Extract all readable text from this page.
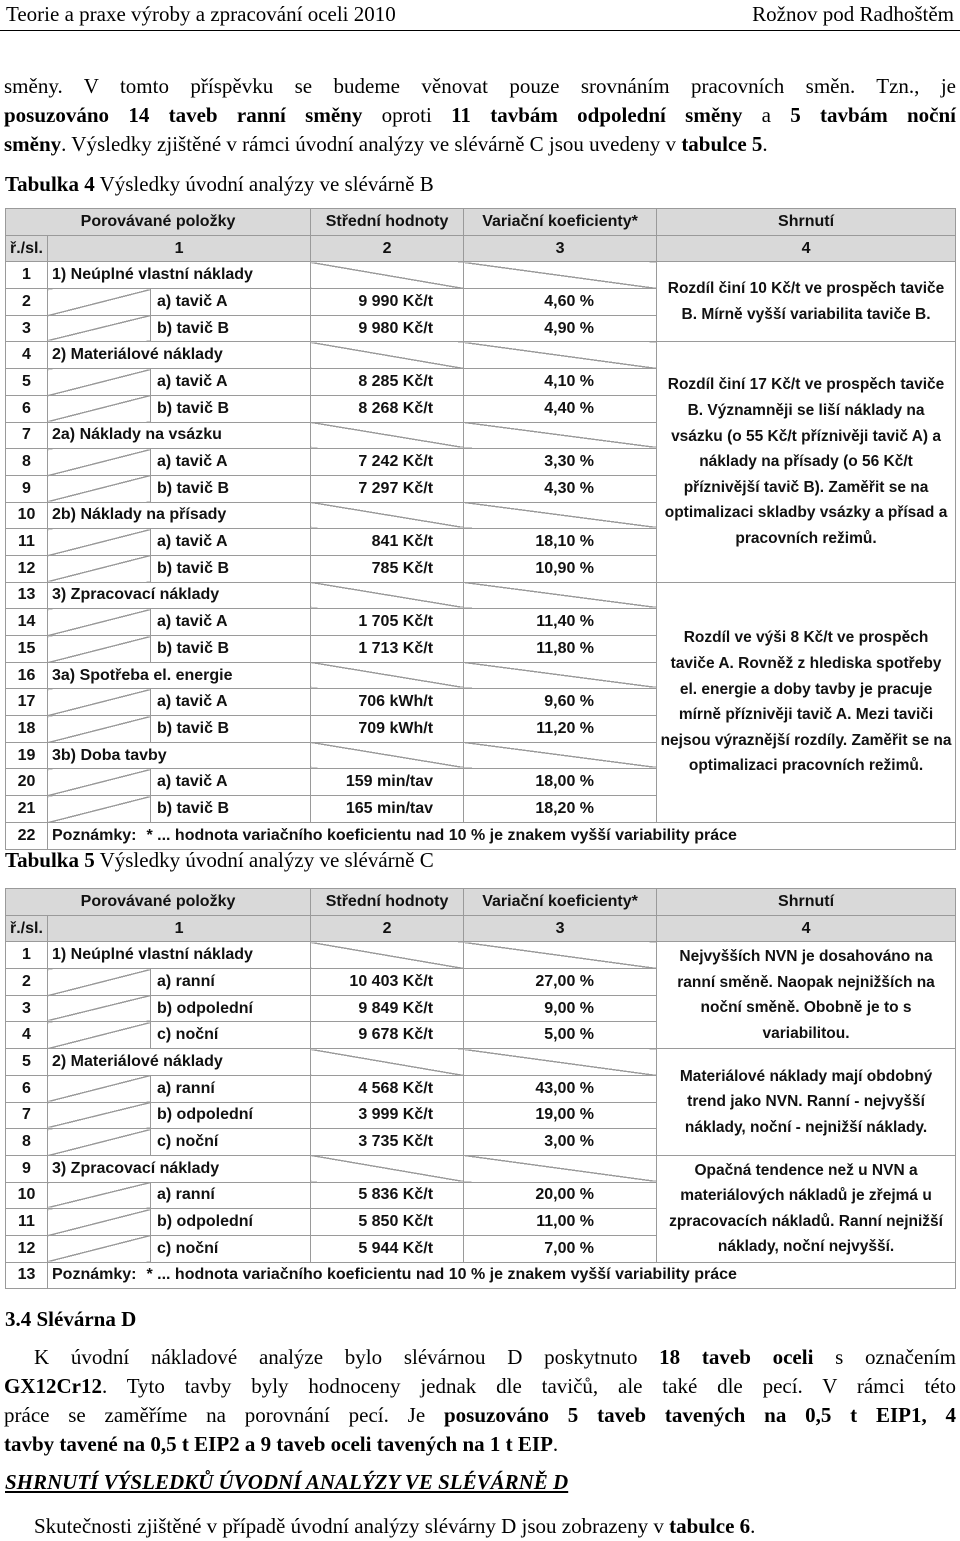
Teorie a praxe výroby a zpracování oceli 2010	Rožnov pod Radhoštěm
směny. V tomto příspěvku se budeme věnovat pouze srovnáním pracovních směn. Tzn., je
posuzováno 14 taveb ranní směny oproti 11 tavbám odpolední směny a 5 tavbám noční
směny. Výsledky zjištěné v rámci úvodní analýzy ve slévárně C jsou uvedeny v tabulce 5.
Tabulka 4 Výsledky úvodní analýzy ve slévárně B
Porovávané položky			Střední hodnoty	Variační koeficienty*	Shrnutí
ř./sl.	1		2	3	4
1	1) Neúplné vlastní náklady				Rozdíl činí 10 Kč/t ve prospěch taviče B. Mírně vyšší variabilita taviče B.
2		a) tavič A	9 990 Kč/t	4,60 %	
3		b) tavič B	9 980 Kč/t	4,90 %	
4	2) Materiálové náklady				Rozdíl činí 17 Kč/t ve prospěch taviče B. Významněji se liší náklady na vsázku (o 55 Kč/t příznivěji tavič A) a náklady na přísady (o 56 Kč/t příznivější tavič B). Zaměřit se na optimalizaci skladby vsázky a přísad a pracovních režimů.
5		a) tavič A	8 285 Kč/t	4,10 %	
6		b) tavič B	8 268 Kč/t	4,40 %	
7	2a) Náklady na vsázku				
8		a) tavič A	7 242 Kč/t	3,30 %	
9		b) tavič B	7 297 Kč/t	4,30 %	
10	2b) Náklady na přísady				
11		a) tavič A	841 Kč/t	18,10 %	
12		b) tavič B	785 Kč/t	10,90 %	
13	3) Zpracovací náklady				Rozdíl ve výši 8 Kč/t ve prospěch taviče A. Rovněž z hlediska spotřeby el. energie a doby tavby je pracuje mírně příznivěji tavič A. Mezi taviči nejsou výraznější rozdíly. Zaměřit se na optimalizaci pracovních režimů.
14		a) tavič A	1 705 Kč/t	11,40 %	
15		b) tavič B	1 713 Kč/t	11,80 %	
16	3a) Spotřeba el. energie				
17		a) tavič A	706 kWh/t	9,60 %	
18		b) tavič B	709 kWh/t	11,20 %	
19	3b) Doba tavby				
20		a) tavič A	159 min/tav	18,00 %	
21		b) tavič B	165 min/tav	18,20 %	
22	Poznámky: * ... hodnota variačního koeficientu nad 10 % je znakem vyšší variability práce				
Tabulka 5 Výsledky úvodní analýzy ve slévárně C
Porovávané položky			Střední hodnoty	Variační koeficienty*	Shrnutí
ř./sl.	1		2	3	4
1	1) Neúplné vlastní náklady				Nejvyšších NVN je dosahováno na ranní směně. Naopak nejnižších na noční směně. Obobně je to s variabilitou.
2		a) ranní	10 403 Kč/t	27,00 %	
3		b) odpolední	9 849 Kč/t	9,00 %	
4		c) noční	9 678 Kč/t	5,00 %	
5	2) Materiálové náklady				Materiálové náklady mají obdobný trend jako NVN. Ranní - nejvyšší náklady, noční - nejnižší náklady.
6		a) ranní	4 568 Kč/t	43,00 %	
7		b) odpolední	3 999 Kč/t	19,00 %	
8		c) noční	3 735 Kč/t	3,00 %	
9	3) Zpracovací náklady				Opačná tendence než u NVN a materiálových nákladů je zřejmá u zpracovacích nákladů. Ranní nejnižší náklady, noční nejvyšší.
10		a) ranní	5 836 Kč/t	20,00 %	
11		b) odpolední	5 850 Kč/t	11,00 %	
12		c) noční	5 944 Kč/t	7,00 %	
13	Poznámky: * ... hodnota variačního koeficientu nad 10 % je znakem vyšší variability práce				
3.4 Slévárna D
K úvodní nákladové analýze bylo slévárnou D poskytnuto 18 taveb oceli s označením
GX12Cr12. Tyto tavby byly hodnoceny jednak dle tavičů, ale také dle pecí. V rámci této
práce se zaměříme na porovnání pecí. Je posuzováno 5 taveb tavených na 0,5 t EIP1, 4
tavby tavené na 0,5 t EIP2 a 9 taveb oceli tavených na 1 t EIP.
SHRNUTÍ VÝSLEDKŮ ÚVODNÍ ANALÝZY VE SLÉVÁRNĚ D
Skutečnosti zjištěné v případě úvodní analýzy slévárny D jsou zobrazeny v tabulce 6.
